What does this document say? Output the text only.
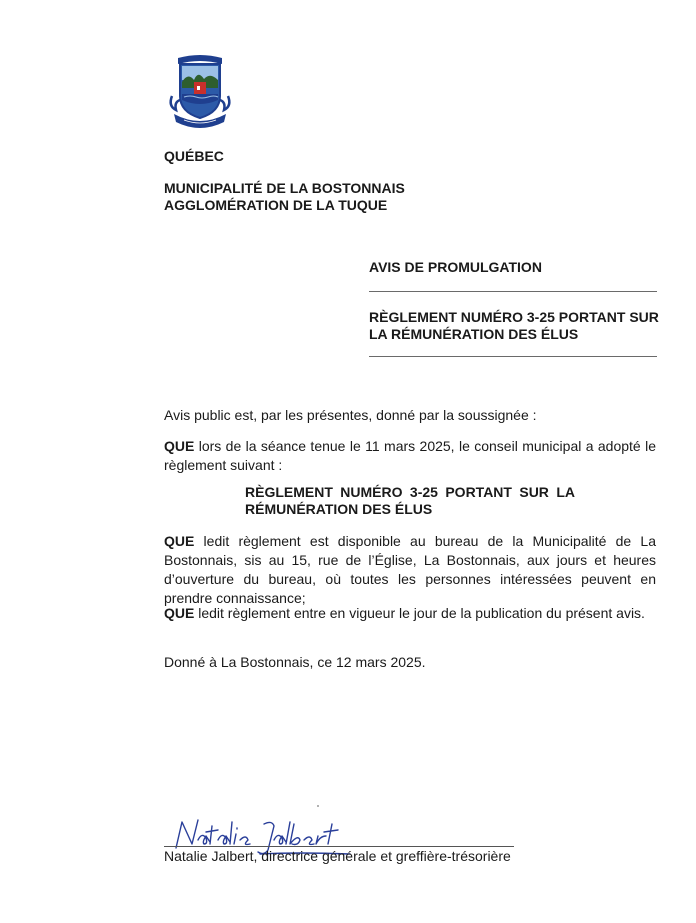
QUÉBEC
MUNICIPALITÉ DE LA BOSTONNAIS
AGGLOMÉRATION DE LA TUQUE
AVIS DE PROMULGATION
RÈGLEMENT NUMÉRO 3-25 PORTANT SUR LA RÉMUNÉRATION DES ÉLUS
Avis public est, par les présentes, donné par la soussignée :
QUE lors de la séance tenue le 11 mars 2025, le conseil municipal a adopté le règlement suivant :
RÈGLEMENT NUMÉRO 3-25 PORTANT SUR LA
RÉMUNÉRATION DES ÉLUS
QUE ledit règlement est disponible au bureau de la Municipalité de La Bostonnais, sis au 15, rue de l’Église, La Bostonnais, aux jours et heures d’ouverture du bureau, où toutes les personnes intéressées peuvent en prendre connaissance;
QUE ledit règlement entre en vigueur le jour de la publication du présent avis.
Donné à La Bostonnais, ce 12 mars 2025.
Natalie Jalbert, directrice générale et greffière-trésorière
